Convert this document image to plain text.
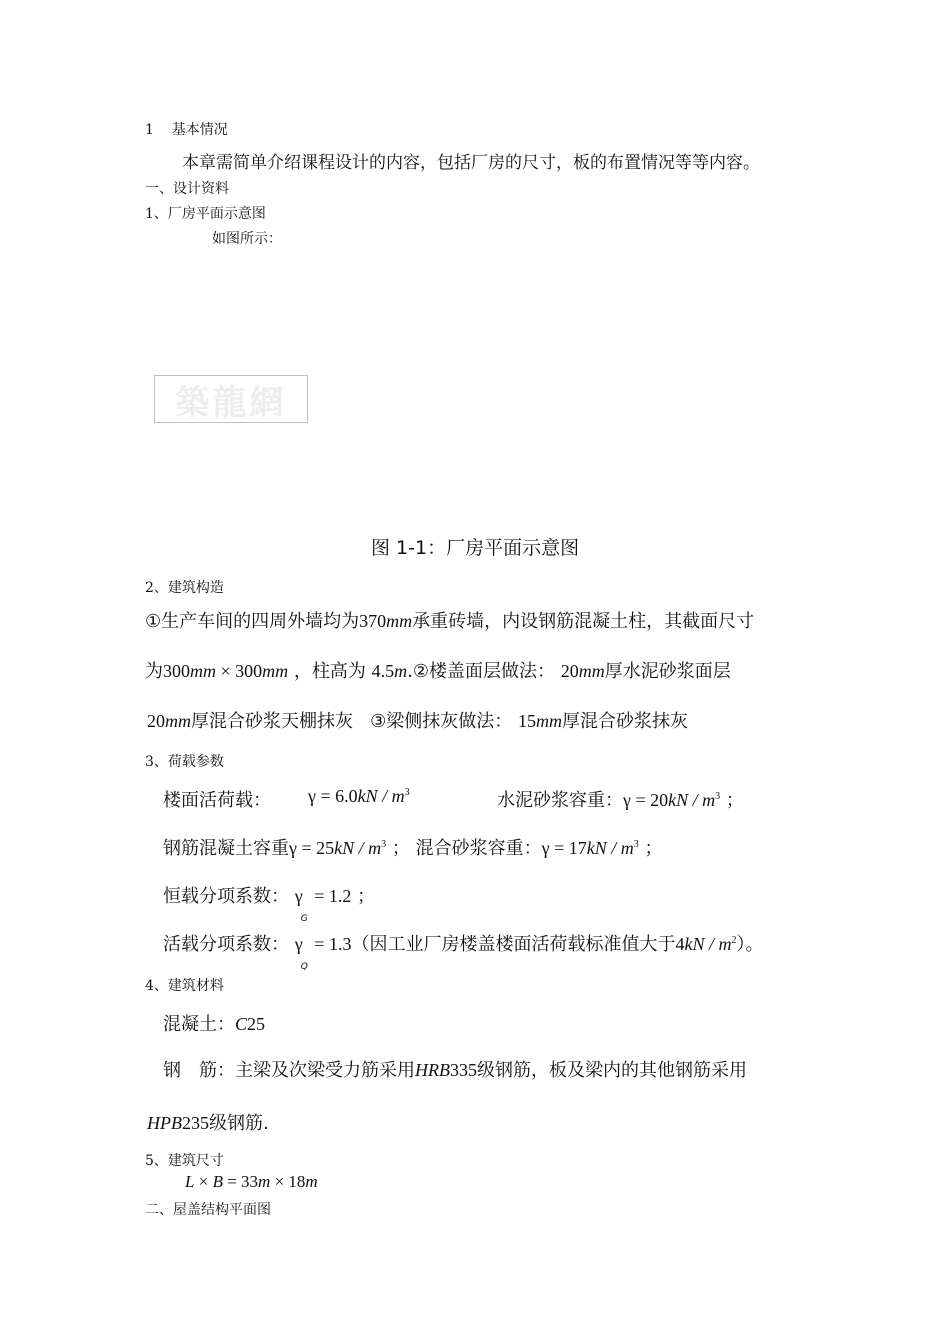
1 基本情况
本章需简单介绍课程设计的内容，包括厂房的尺寸，板的布置情况等等内容。
一、设计资料
1、厂房平面示意图
如图所示：
築龍網
图 1-1：厂房平面示意图
2、建筑构造
①生产车间的四周外墙均为370mm承重砖墙，内设钢筋混凝土柱，其截面尺寸
为300mm × 300mm ，柱高为 4.5m.②楼盖面层做法： 20mm厚水泥砂浆面层
20mm厚混合砂浆天棚抹灰 ③梁侧抹灰做法： 15mm厚混合砂浆抹灰
3、荷载参数
楼面活荷载： $\gamma = 6.0kN / m^3$	水泥砂浆容重：$\gamma = 20kN / m^3$ ；
钢筋混凝土容重$\gamma = 25kN / m^3$ ； 混合砂浆容重：$\gamma = 17kN / m^3$ ；
恒载分项系数： $\gamma_G = 1.2$ ；
活载分项系数： $\gamma_Q = 1.3$（因工业厂房楼盖楼面活荷载标准值大于$4kN / m^2$）。
4、建筑材料
混凝土：C25
钢　筋：主梁及次梁受力筋采用HRB335级钢筋，板及梁内的其他钢筋采用
HPB235级钢筋.
5、建筑尺寸
L × B = 33m × 18m
二、屋盖结构平面图
